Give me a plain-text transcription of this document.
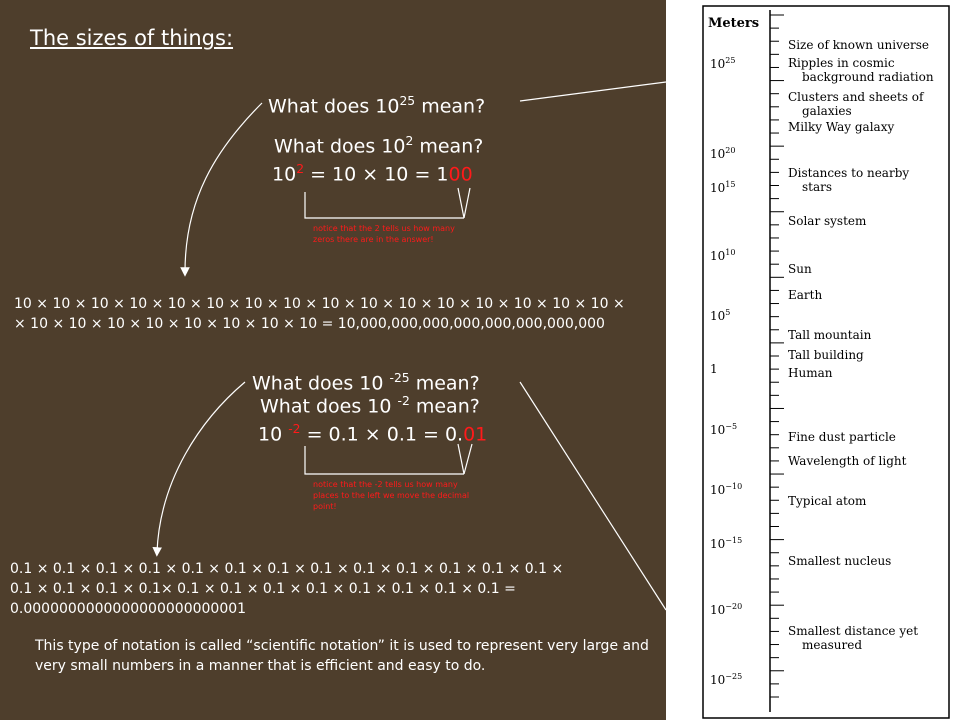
The sizes of things:
What does $10^{25}$ mean?
What does $10^2$ mean?
$10^2 = 10 \times 10 = 100$
notice that the 2 tells us how many zeros there are in the answer!
10 × 10 × 10 × 10 × 10 × 10 × 10 × 10 × 10 × 10 × 10 × 10 × 10 × 10 × 10 × 10 ×
× 10 × 10 × 10 × 10 × 10 × 10 × 10 × 10 = 10,000,000,000,000,000,000,000,000
What does 10 $^{-25}$ mean?
What does 10 $^{-2}$ mean?
10 $^{-2}$ = 0.1 × 0.1 = 0.01
notice that the -2 tells us how many places to the left we move the decimal point!
0.1 × 0.1 × 0.1 × 0.1 × 0.1 × 0.1 × 0.1 × 0.1 × 0.1 × 0.1 × 0.1 × 0.1 × 0.1 ×
0.1 × 0.1 × 0.1 × 0.1× 0.1 × 0.1 × 0.1 × 0.1 × 0.1 × 0.1 × 0.1 × 0.1 =
0.0000000000000000000000001
This type of notation is called “scientific notation” it is used to represent very large and very small numbers in a manner that is efficient and easy to do.
Meters
$10^{25}$
$10^{20}$
$10^{15}$
$10^{10}$
$10^5$
1
$10^{-5}$
$10^{-10}$
$10^{-15}$
$10^{-20}$
$10^{-25}$
Size of known universe
Ripples in cosmic
background radiation
Clusters and sheets of
galaxies
Milky Way galaxy
Distances to nearby
stars
Solar system
Sun
Earth
Tall mountain
Tall building
Human
Fine dust particle
Wavelength of light
Typical atom
Smallest nucleus
Smallest distance yet
measured
